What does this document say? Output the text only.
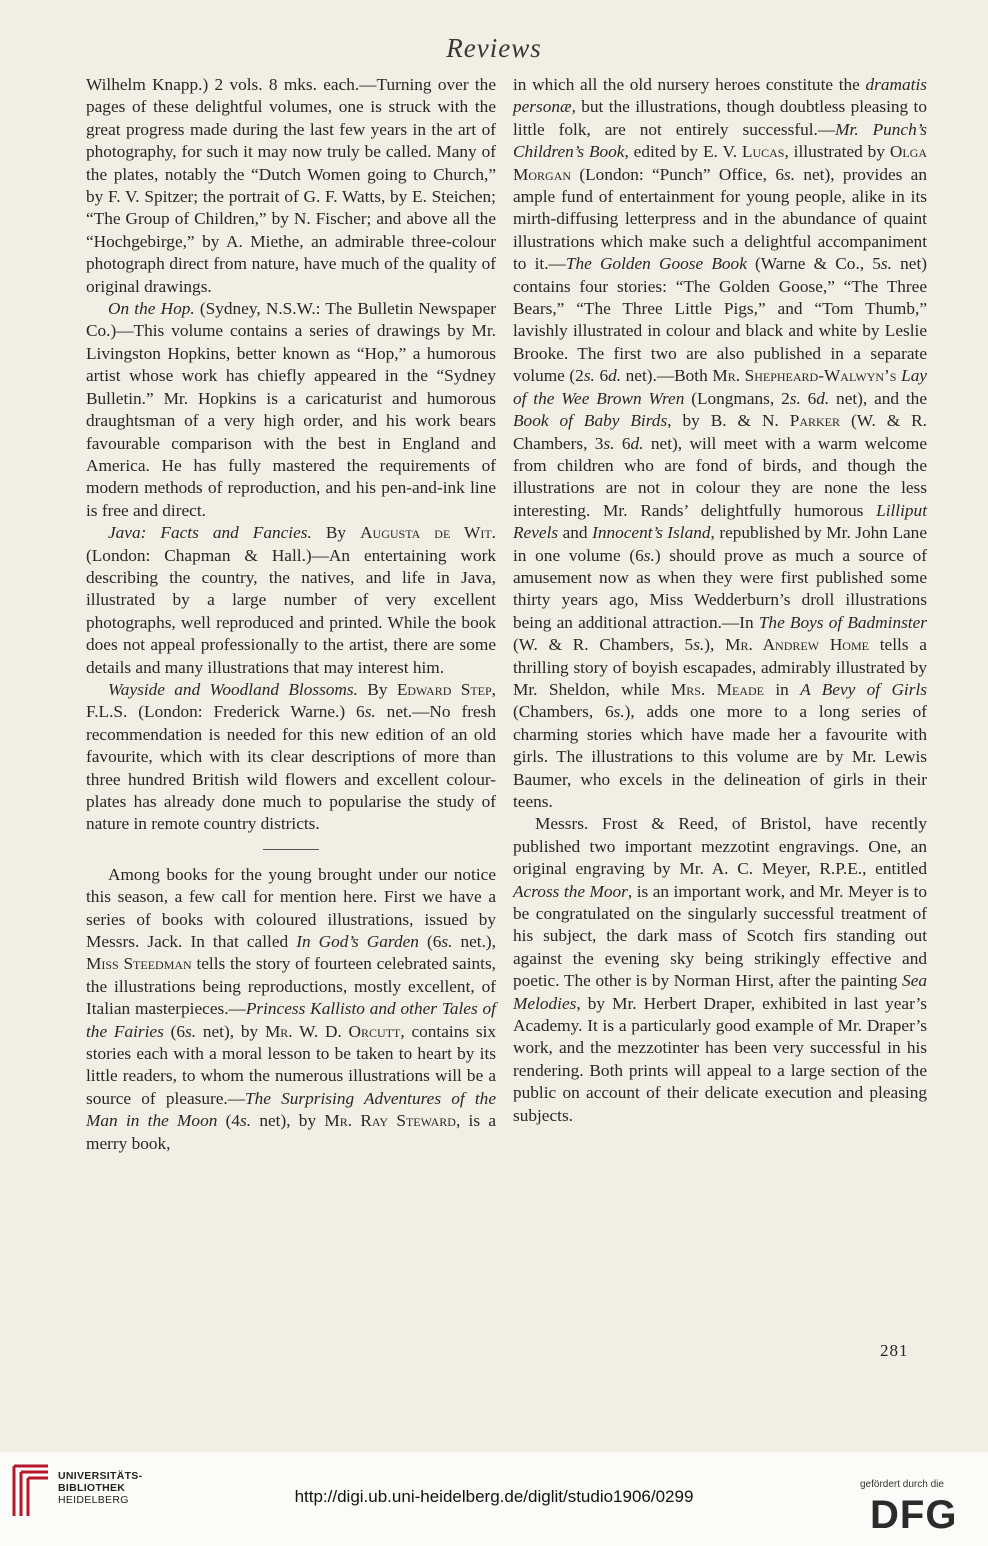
Reviews

Wilhelm Knapp.) 2 vols. 8 mks. each.—Turning over the pages of these delightful volumes, one is struck with the great progress made during the last few years in the art of photography, for such it may now truly be called. Many of the plates, notably the “Dutch Women going to Church,” by F. V. Spitzer; the portrait of G. F. Watts, by E. Steichen; “The Group of Children,” by N. Fischer; and above all the “Hochgebirge,” by A. Miethe, an admirable three-colour photograph direct from nature, have much of the quality of original drawings.

On the Hop. (Sydney, N.S.W.: The Bulletin Newspaper Co.)—This volume contains a series of drawings by Mr. Livingston Hopkins, better known as “Hop,” a humorous artist whose work has chiefly appeared in the “Sydney Bulletin.” Mr. Hopkins is a caricaturist and humorous draughtsman of a very high order, and his work bears favourable comparison with the best in England and America. He has fully mastered the requirements of modern methods of reproduction, and his pen-and-ink line is free and direct.

Java: Facts and Fancies. By Augusta de Wit. (London: Chapman & Hall.)—An entertaining work describing the country, the natives, and life in Java, illustrated by a large number of very excellent photographs, well reproduced and printed. While the book does not appeal professionally to the artist, there are some details and many illustrations that may interest him.

Wayside and Woodland Blossoms. By Edward Step, F.L.S. (London: Frederick Warne.) 6s. net.—No fresh recommendation is needed for this new edition of an old favourite, which with its clear descriptions of more than three hundred British wild flowers and excellent colour-plates has already done much to popularise the study of nature in remote country districts.

Among books for the young brought under our notice this season, a few call for mention here. First we have a series of books with coloured illustrations, issued by Messrs. Jack. In that called In God’s Garden (6s. net.), Miss Steedman tells the story of fourteen celebrated saints, the illustrations being reproductions, mostly excellent, of Italian masterpieces.—Princess Kallisto and other Tales of the Fairies (6s. net), by Mr. W. D. Orcutt, contains six stories each with a moral lesson to be taken to heart by its little readers, to whom the numerous illustrations will be a source of pleasure.—The Surprising Adventures of the Man in the Moon (4s. net), by Mr. Ray Steward, is a merry book,

in which all the old nursery heroes constitute the dramatis personæ, but the illustrations, though doubtless pleasing to little folk, are not entirely successful.—Mr. Punch’s Children’s Book, edited by E. V. Lucas, illustrated by Olga Morgan (London: “Punch” Office, 6s. net), provides an ample fund of entertainment for young people, alike in its mirth-diffusing letterpress and in the abundance of quaint illustrations which make such a delightful accompaniment to it.—The Golden Goose Book (Warne & Co., 5s. net) contains four stories: “The Golden Goose,” “The Three Bears,” “The Three Little Pigs,” and “Tom Thumb,” lavishly illustrated in colour and black and white by Leslie Brooke. The first two are also published in a separate volume (2s. 6d. net).—Both Mr. Shepheard-Walwyn’s Lay of the Wee Brown Wren (Longmans, 2s. 6d. net), and the Book of Baby Birds, by B. & N. Parker (W. & R. Chambers, 3s. 6d. net), will meet with a warm welcome from children who are fond of birds, and though the illustrations are not in colour they are none the less interesting. Mr. Rands’ delightfully humorous Lilliput Revels and Innocent’s Island, republished by Mr. John Lane in one volume (6s.) should prove as much a source of amusement now as when they were first published some thirty years ago, Miss Wedderburn’s droll illustrations being an additional attraction.—In The Boys of Badminster (W. & R. Chambers, 5s.), Mr. Andrew Home tells a thrilling story of boyish escapades, admirably illustrated by Mr. Sheldon, while Mrs. Meade in A Bevy of Girls (Chambers, 6s.), adds one more to a long series of charming stories which have made her a favourite with girls. The illustrations to this volume are by Mr. Lewis Baumer, who excels in the delineation of girls in their teens.

Messrs. Frost & Reed, of Bristol, have recently published two important mezzotint engravings. One, an original engraving by Mr. A. C. Meyer, R.P.E., entitled Across the Moor, is an important work, and Mr. Meyer is to be congratulated on the singularly successful treatment of his subject, the dark mass of Scotch firs standing out against the evening sky being strikingly effective and poetic. The other is by Norman Hirst, after the painting Sea Melodies, by Mr. Herbert Draper, exhibited in last year’s Academy. It is a particularly good example of Mr. Draper’s work, and the mezzotinter has been very successful in his rendering. Both prints will appeal to a large section of the public on account of their delicate execution and pleasing subjects.

281
UNIVERSITÄTS-
BIBLIOTHEK
HEIDELBERG	http://digi.ub.uni-heidelberg.de/diglit/studio1906/0299
gefördert durch die
DFG
